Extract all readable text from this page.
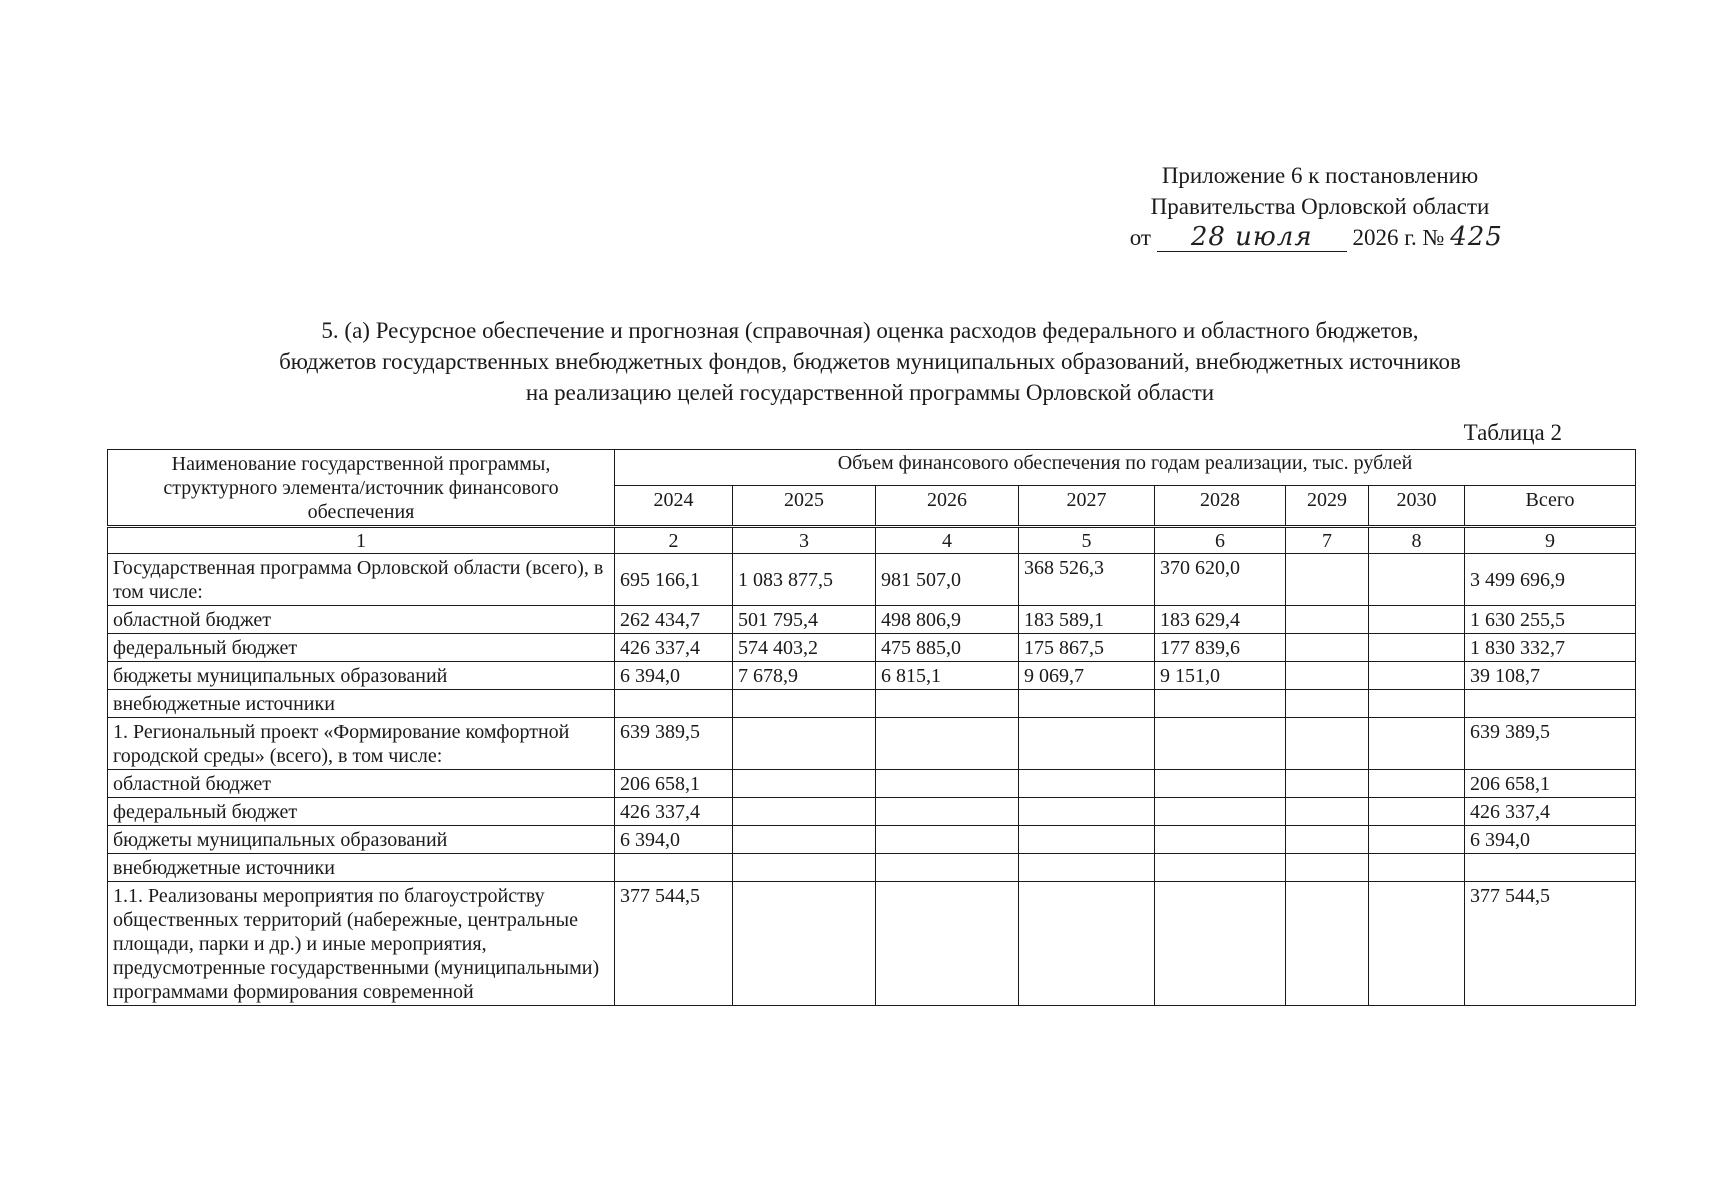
Приложение 6 к постановлению
Правительства Орловской области
от 28 июля 2026 г. № 425
5. (а) Ресурсное обеспечение и прогнозная (справочная) оценка расходов федерального и областного бюджетов,
бюджетов государственных внебюджетных фондов, бюджетов муниципальных образований, внебюджетных источников
на реализацию целей государственной программы Орловской области
Таблица 2
Наименование государственной программы, структурного элемента/источник финансового обеспечения	Объем финансового обеспечения по годам реализации, тыс. рублей							
	2024	2025	2026	2027	2028	2029	2030	Всего
1	2	3	4	5	6	7	8	9
Государственная программа Орловской области (всего), в том числе:	695 166,1	1 083 877,5	981 507,0	368 526,3	370 620,0			3 499 696,9
областной бюджет	262 434,7	501 795,4	498 806,9	183 589,1	183 629,4			1 630 255,5
федеральный бюджет	426 337,4	574 403,2	475 885,0	175 867,5	177 839,6			1 830 332,7
бюджеты муниципальных образований	6 394,0	7 678,9	6 815,1	9 069,7	9 151,0			39 108,7
внебюджетные источники								
1. Региональный проект «Формирование комфортной городской среды» (всего), в том числе:	639 389,5							639 389,5
областной бюджет	206 658,1							206 658,1
федеральный бюджет	426 337,4							426 337,4
бюджеты муниципальных образований	6 394,0							6 394,0
внебюджетные источники								
1.1. Реализованы мероприятия по благоустройству общественных территорий (набережные, центральные площади, парки и др.) и иные мероприятия, предусмотренные государственными (муниципальными) программами формирования современной	377 544,5							377 544,5
